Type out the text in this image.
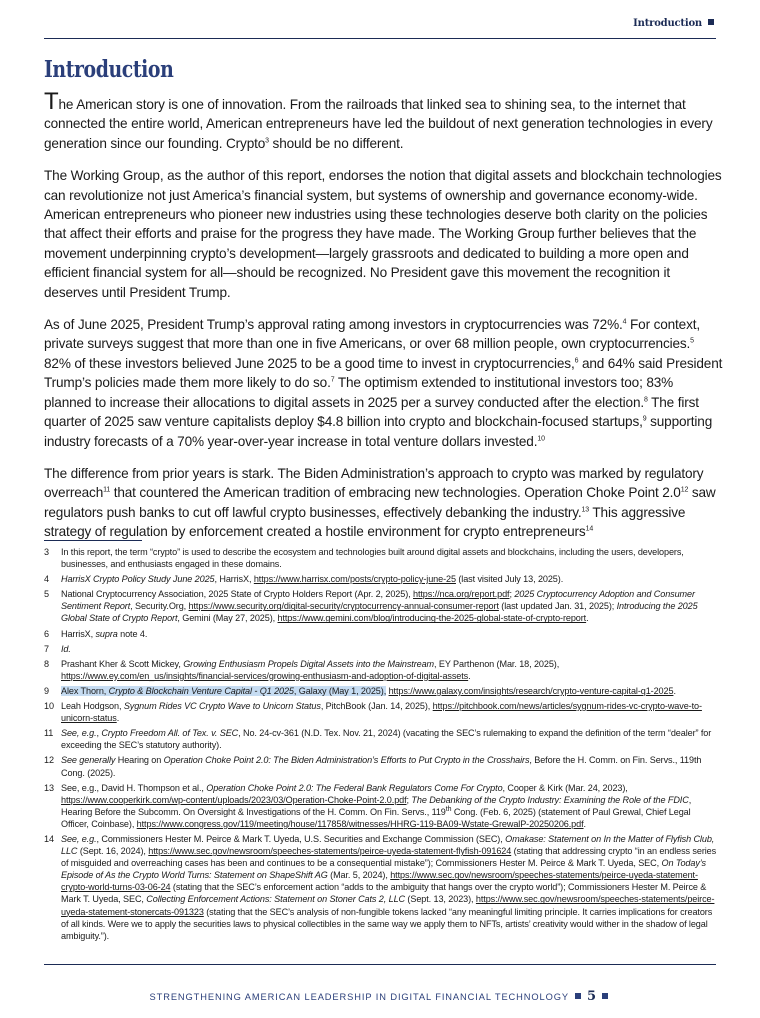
Introduction
Introduction

The American story is one of innovation. From the railroads that linked sea to shining sea, to the internet that connected the entire world, American entrepreneurs have led the buildout of next generation technologies in every generation since our founding. Crypto$^3$ should be no different.

The Working Group, as the author of this report, endorses the notion that digital assets and blockchain technologies can revolutionize not just America’s financial system, but systems of ownership and governance economy-wide. American entrepreneurs who pioneer new industries using these technologies deserve both clarity on the policies that affect their efforts and praise for the progress they have made. The Working Group further believes that the movement underpinning crypto’s development—largely grassroots and dedicated to building a more open and efficient financial system for all—should be recognized. No President gave this movement the recognition it deserves until President Trump.

As of June 2025, President Trump’s approval rating among investors in cryptocurrencies was 72%.$^4$ For context, private surveys suggest that more than one in five Americans, or over 68 million people, own cryptocurrencies.$^5$ 82% of these investors believed June 2025 to be a good time to invest in cryptocurrencies,$^6$ and 64% said President Trump’s policies made them more likely to do so.$^7$ The optimism extended to institutional investors too; 83% planned to increase their allocations to digital assets in 2025 per a survey conducted after the election.$^8$ The first quarter of 2025 saw venture capitalists deploy $4.8 billion into crypto and blockchain-focused startups,$^9$ supporting industry forecasts of a 70% year-over-year increase in total venture dollars invested.$^{10}$

The difference from prior years is stark. The Biden Administration’s approach to crypto was marked by regulatory overreach$^{11}$ that countered the American tradition of embracing new technologies. Operation Choke Point $2.0^{12}$ saw regulators push banks to cut off lawful crypto businesses, effectively debanking the industry.$^{13}$ This aggressive strategy of regulation by enforcement created a hostile environment for crypto entrepreneurs$^{14}$

3 In this report, the term “crypto” is used to describe the ecosystem and technologies built around digital assets and blockchains, including the users, developers, businesses, and enthusiasts engaged in these domains.
4 HarrisX Crypto Policy Study June 2025, HarrisX, https://www.harrisx.com/posts/crypto-policy-june-25 (last visited July 13, 2025).
5 National Cryptocurrency Association, 2025 State of Crypto Holders Report (Apr. 2, 2025), https://nca.org/report.pdf; 2025 Cryptocurrency Adoption and Consumer Sentiment Report, Security.Org, https://www.security.org/digital-security/cryptocurrency-annual-consumer-report (last updated Jan. 31, 2025); Introducing the 2025 Global State of Crypto Report, Gemini (May 27, 2025), https://www.gemini.com/blog/introducing-the-2025-global-state-of-crypto-report.
6 HarrisX, supra note 4.
7 Id.
8 Prashant Kher & Scott Mickey, Growing Enthusiasm Propels Digital Assets into the Mainstream, EY Parthenon (Mar. 18, 2025), https://www.ey.com/en_us/insights/financial-services/growing-enthusiasm-and-adoption-of-digital-assets.
9 Alex Thorn, Crypto & Blockchain Venture Capital - Q1 2025, Galaxy (May 1, 2025), https://www.galaxy.com/insights/research/crypto-venture-capital-q1-2025.
10 Leah Hodgson, Sygnum Rides VC Crypto Wave to Unicorn Status, PitchBook (Jan. 14, 2025), https://pitchbook.com/news/articles/sygnum-rides-vc-crypto-wave-to-unicorn-status.
11 See, e.g., Crypto Freedom All. of Tex. v. SEC, No. 24-cv-361 (N.D. Tex. Nov. 21, 2024) (vacating the SEC’s rulemaking to expand the definition of the term “dealer” for exceeding the SEC’s statutory authority).
12 See generally Hearing on Operation Choke Point 2.0: The Biden Administration’s Efforts to Put Crypto in the Crosshairs, Before the H. Comm. on Fin. Servs., 119th Cong. (2025).
13 See, e.g., David H. Thompson et al., Operation Choke Point 2.0: The Federal Bank Regulators Come For Crypto, Cooper & Kirk (Mar. 24, 2023), https://www.cooperkirk.com/wp-content/uploads/2023/03/Operation-Choke-Point-2.0.pdf; The Debanking of the Crypto Industry: Examining the Role of the FDIC, Hearing Before the Subcomm. On Oversight & Investigations of the H. Comm. On Fin. Servs., 119th Cong. (Feb. 6, 2025) (statement of Paul Grewal, Chief Legal Officer, Coinbase), https://www.congress.gov/119/meeting/house/117858/witnesses/HHRG-119-BA09-Wstate-GrewalP-20250206.pdf.
14 See, e.g., Commissioners Hester M. Peirce & Mark T. Uyeda, U.S. Securities and Exchange Commission (SEC), Omakase: Statement on In the Matter of Flyfish Club, LLC (Sept. 16, 2024), https://www.sec.gov/newsroom/speeches-statements/peirce-uyeda-statement-flyfish-091624 (stating that addressing crypto “in an endless series of misguided and overreaching cases has been and continues to be a consequential mistake”); Commissioners Hester M. Peirce & Mark T. Uyeda, SEC, On Today’s Episode of As the Crypto World Turns: Statement on ShapeShift AG (Mar. 5, 2024), https://www.sec.gov/newsroom/speeches-statements/peirce-uyeda-statement-crypto-world-turns-03-06-24 (stating that the SEC’s enforcement action “adds to the ambiguity that hangs over the crypto world”); Commissioners Hester M. Peirce & Mark T. Uyeda, SEC, Collecting Enforcement Actions: Statement on Stoner Cats 2, LLC (Sept. 13, 2023), https://www.sec.gov/newsroom/speeches-statements/peirce-uyeda-statement-stonercats-091323 (stating that the SEC’s analysis of non-fungible tokens lacked “any meaningful limiting principle. It carries implications for creators of all kinds. Were we to apply the securities laws to physical collectibles in the same way we apply them to NFTs, artists’ creativity would wither in the shadow of legal ambiguity.”).
STRENGTHENING AMERICAN LEADERSHIP IN DIGITAL FINANCIAL TECHNOLOGY 5
